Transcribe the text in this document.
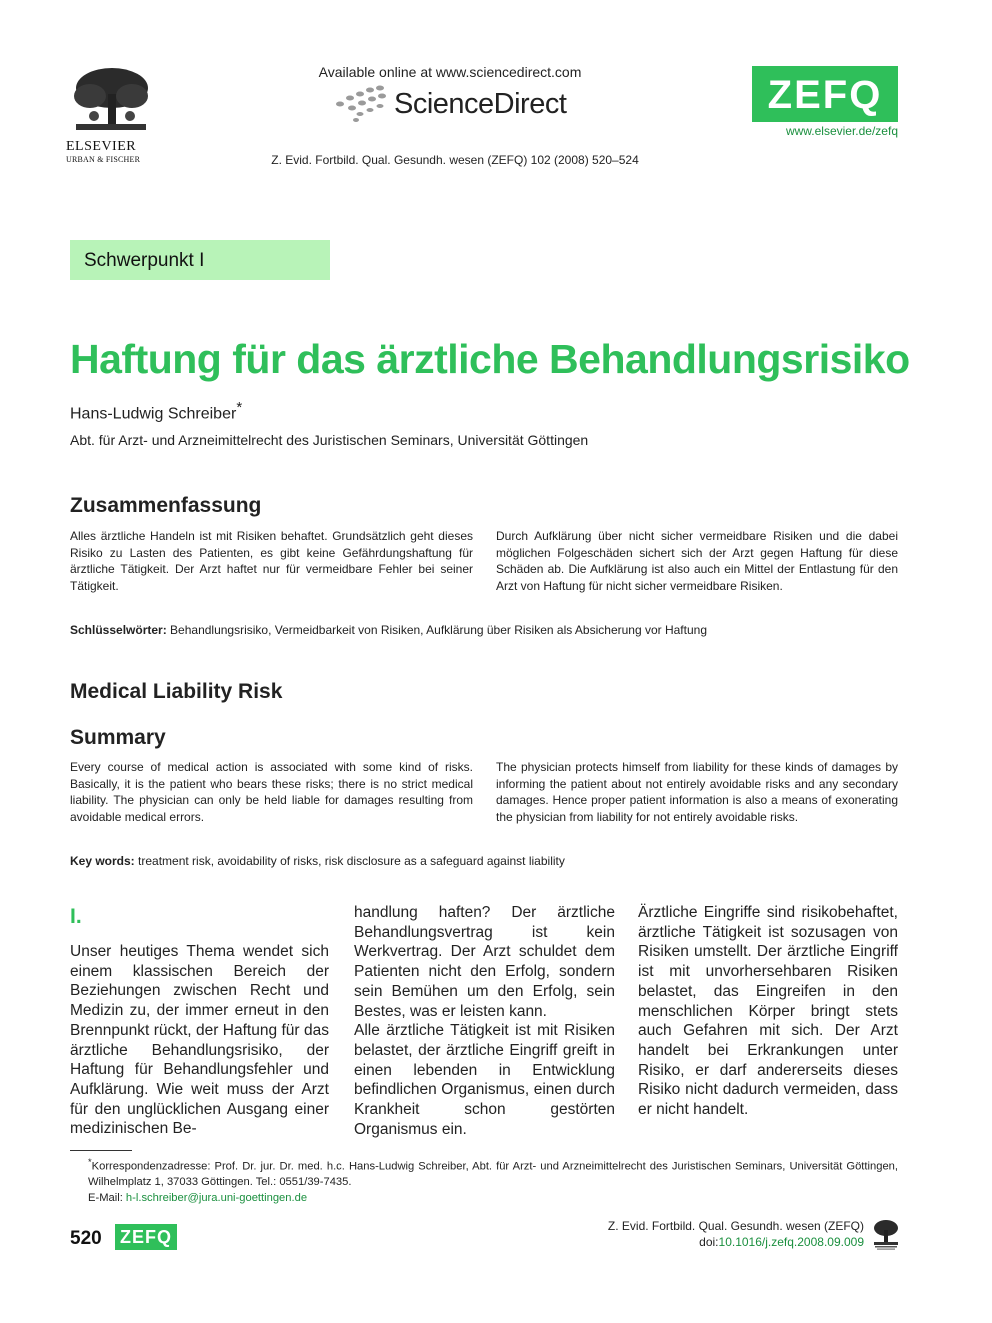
ELSEVIER
URBAN & FISCHER
Available online at www.sciencedirect.com
ScienceDirect
Z. Evid. Fortbild. Qual. Gesundh. wesen (ZEFQ) 102 (2008) 520–524
ZEFQ
www.elsevier.de/zefq
Schwerpunkt I
Haftung für das ärztliche Behandlungsrisiko
Hans-Ludwig Schreiber*
Abt. für Arzt- und Arzneimittelrecht des Juristischen Seminars, Universität Göttingen
Zusammenfassung
Alles ärztliche Handeln ist mit Risiken behaftet. Grundsätzlich geht dieses Risiko zu Lasten des Patienten, es gibt keine Gefährdungshaftung für ärztliche Tätigkeit. Der Arzt haftet nur für vermeidbare Fehler bei seiner Tätigkeit.
Durch Aufklärung über nicht sicher vermeidbare Risiken und die dabei möglichen Folgeschäden sichert sich der Arzt gegen Haftung für diese Schäden ab. Die Aufklärung ist also auch ein Mittel der Entlastung für den Arzt von Haftung für nicht sicher vermeidbare Risiken.
Schlüsselwörter: Behandlungsrisiko, Vermeidbarkeit von Risiken, Aufklärung über Risiken als Absicherung vor Haftung
Medical Liability Risk
Summary
Every course of medical action is associated with some kind of risks. Basically, it is the patient who bears these risks; there is no strict medical liability. The physician can only be held liable for damages resulting from avoidable medical errors.
The physician protects himself from liability for these kinds of damages by informing the patient about not entirely avoidable risks and any secondary damages. Hence proper patient information is also a means of exonerating the physician from liability for not entirely avoidable risks.
Key words: treatment risk, avoidability of risks, risk disclosure as a safeguard against liability
I.
Unser heutiges Thema wendet sich einem klassischen Bereich der Beziehungen zwischen Recht und Medizin zu, der immer erneut in den Brennpunkt rückt, der Haftung für das ärztliche Behandlungsrisiko, der Haftung für Behandlungsfehler und Aufklärung. Wie weit muss der Arzt für den unglücklichen Ausgang einer medizinischen Be-
handlung haften? Der ärztliche Behandlungsvertrag ist kein Werkvertrag. Der Arzt schuldet dem Patienten nicht den Erfolg, sondern sein Bemühen um den Erfolg, sein Bestes, was er leisten kann.
Alle ärztliche Tätigkeit ist mit Risiken belastet, der ärztliche Eingriff greift in einen lebenden in Entwicklung befindlichen Organismus, einen durch Krankheit schon gestörten Organismus ein.
Ärztliche Eingriffe sind risikobehaftet, ärztliche Tätigkeit ist sozusagen von Risiken umstellt. Der ärztliche Eingriff ist mit unvorhersehbaren Risiken belastet, das Eingreifen in den menschlichen Körper bringt stets auch Gefahren mit sich. Der Arzt handelt bei Erkrankungen unter Risiko, er darf andererseits dieses Risiko nicht dadurch vermeiden, dass er nicht handelt.
*Korrespondenzadresse: Prof. Dr. jur. Dr. med. h.c. Hans-Ludwig Schreiber, Abt. für Arzt- und Arzneimittelrecht des Juristischen Seminars, Universität Göttingen, Wilhelmplatz 1, 37033 Göttingen. Tel.: 0551/39-7435.
E-Mail: h-l.schreiber@jura.uni-goettingen.de
520 ZEFQ
Z. Evid. Fortbild. Qual. Gesundh. wesen (ZEFQ)
doi:10.1016/j.zefq.2008.09.009
